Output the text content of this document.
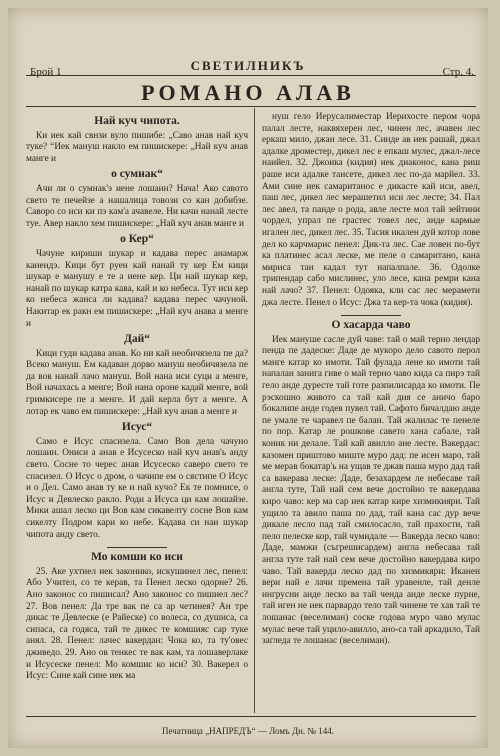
Брой 1	Стр. 4.
СВЕТИЛНИКЪ
РОМАНО АЛАВ
Най куч чипота.

Ки иек кай свнзи вуло пишибе: „Саво анав най куч туке? “Иек мануш накло ем пишискере: „Най куч анав манге и

о сумнак“

Ачи ли о сумнак'э иене лошаин? Нача! Ако савото свето те печейзе а нашалица товози со кан добибзе. Саворо со иси ки пэ кам'а ачавеле. Ни качи нанай лесте туе. Авер накло хем пишискере: „Най куч анав манге и

о Кер“

Чачуне кириши шукар и кадава перес анамарж канендэ. Кици бут руен кай нанай ту кер Ем кици шукар е манушу е те а иене кер. Ци най шукар кер, нанай по шукар катра кава, кай и ко небеса. Тут иси кер ко небеса жанса ли кадава? кадава перес чачуной. Накитар ек ракн ем пишискере: „Най куч анава а менге и

Дай“

Кици гуди кадава анав. Ко ни кай необичязела пе да? Всеко мануш. Ем кадаван дорво мануш необичязела пе да вов нанай лачо мануш. Вой нана иси суци а менге, Вой начахась а менге; Вой нана ороне кадай менге, вой гримкисере пе а менге. И дай керла бут а менге. А лотар ек чаво ем пишискере: „Най куч анав а менге и

Исус“

Само е Исус спасизела. Само Вов дела чачуно лошаин. Ониси а анав е Исусеско най куч анав'ь анду свето. Сосне то черес анав Исусеско саверо свето те спасизел. О Исус о дром, о чачипе ем о сястипе О Исус и о Дел. Само анав ту ке и най кучо? Ек те помнисе, о Исус и Девлеско ракло. Роди а Исуса ци кам лошайзе. Мики ашал леско ци Вов кам сикавелту сосне Вов кам сикелту Подром кари ко небе. Кадава си наи шукар чипота анду свето.

Мо комши ко иси

25. Аке ухтиел иек законико, искушинел лес, пенел: Або Учител, со те керав, та Пенел леско одорне? 26. Ано законос со пишисал? Ано законос со пишиел лес? 27. Вов пенел: Да тре вак пе са ар четинея? Ан тре дикас те Девлеске (е Райеске) со волеса, со душиса, са сипаса, са годяса, тай те дикес те комшияс сар туке анял. 28. Пенел: лачес вакердан: Чока ко, та ту'овес дживедо. 29. Ано ов тенкес те вак кам, та лошаверлаке и Исусеске пенел: Мо комшис ко иси? 30. Вакерел о Исус: Сине кай сине иек ма

нуш гело Иерусалиместар Иерихосте пером чора палал лесте, наквяхерен лес, чинен лес, ачавен лес еркаш мило, джан лесе. 31. Синде ав иек рашай, джал адалке дроместер, дикел лес е епкаш мулес, джал-лесе наийел. 32. Джоика (кидия) иек диаконос, кана риш раше иси адалке тансете, дикел лес по-да марйел. 33. Ами сине иек самаританос е дикасте кай иси, авел, паш лес, дикел лес мерашетил иси лес лесте; 34. Пал лес авел, та панде о рода, авле лесте мол тай зейтини чордел, упрал пе грастес товел лес, анде кармые игален лес, дикел лес. 35. Тасия икален дуй котор лове дел ко карчмарис пенел: Дик-та лес. Сае ловен по-бут ка платинес асал леске, ме пеле о самаритано, кана мириса тан кадал тут напалпале. 36. Одолке трипендар сабо мислинес, уло лесе, кана ремри кана най лачо? 37. Пенел: Одояка, кли сас лес мерамети джа лесте. Пенел о Исус: Джа та кер-та чока (кидия).

О хасарда чаво

Иек мануше сасле дуй чаве: тай о май терно лендар пенда пе дадеске: Даде де мукоро дело савото перол манге катар ко имоти. Тай фулада лене ко имоти тай напалан занига гиве о май терно чаво кида са пирэ тай гело анде дуресте тай готе разпилисарда ко имоти. Пе рэскошно живото са тай кай дия се аничо баро бокалипе анде годев пувел тай. Сафото бичалдаю анде пе умале те чаравел пе балан. Тай жалилас те пенеле по пор. Катар ле рошкове савето хана сабале, тай коник ни делале. Тай кай авилло ане лесте. Вакердас: казомен приштово миште муро дад: пе исен маро, тай ме мерав бокатар'ь на ущав те джав паша муро дад тай са вакерава леске: Даде, безахардем ле небесаве тай англа туте, Тай най сем вече достойно те вакердава киро чаво: кер ма сар иек катар кире хизмикияри. Тай ущило та авило паша по дад, тай кана сас дур вече дикале лесло пад тай смилосасло, тай прахости, тай пело пелеске кор, тай чумидале — Вакерда леско чаво: Даде, мамжи (съгрешисардем) англа небесава тай англа туте тай най сем вече достойно вакердава киро чаво. Тай вакерда леско дад по хизмикяри: Иканен вери най е лачи премена тай уравенле, тай денле ингрусни анде леско ва тай ченда анде леске пурне, тай иген не иек парвардо тело тай чинене те хав тай те лошанас (веселиман) соске годова муро чаво мулас мулас вече тай уцило-авилло, ано-са тай аркадило, Тай загледа те лошанас (веселиман).

Печатница „НАПРЕДЪ“ — Ломъ Дн. № 144.
